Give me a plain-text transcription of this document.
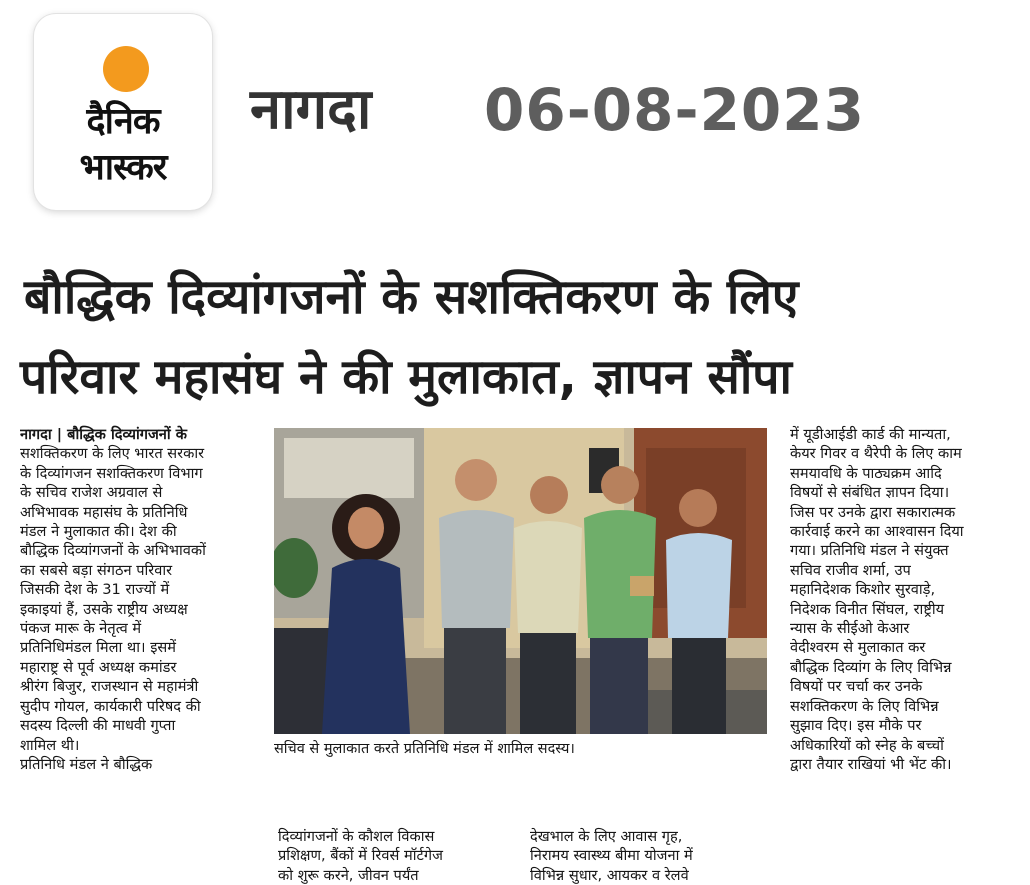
दैनिक
भास्कर
नागदा 06-08-2023
बौद्धिक दिव्यांगजनों के सशक्तिकरण के लिए
परिवार महासंघ ने की मुलाकात, ज्ञापन सौंपा
नागदा | बौद्धिक दिव्यांगजनों के
सशक्तिकरण के लिए भारत सरकार
के दिव्यांगजन सशक्तिकरण विभाग
के सचिव राजेश अग्रवाल से
अभिभावक महासंघ के प्रतिनिधि
मंडल ने मुलाकात की। देश की
बौद्धिक दिव्यांगजनों के अभिभावकों
का सबसे बड़ा संगठन परिवार
जिसकी देश के 31 राज्यों में
इकाइयां हैं, उसके राष्ट्रीय अध्यक्ष
पंकज मारू के नेतृत्व में
प्रतिनिधिमंडल मिला था। इसमें
महाराष्ट्र से पूर्व अध्यक्ष कमांडर
श्रीरंग बिजुर, राजस्थान से महामंत्री
सुदीप गोयल, कार्यकारी परिषद की
सदस्य दिल्ली की माधवी गुप्ता
शामिल थी।
प्रतिनिधि मंडल ने बौद्धिक
सचिव से मुलाकात करते प्रतिनिधि मंडल में शामिल सदस्य।
दिव्यांगजनों के कौशल विकास
प्रशिक्षण, बैंकों में रिवर्स मॉर्टगेज
को शुरू करने, जीवन पर्यंत
देखभाल के लिए आवास गृह,
निरामय स्वास्थ्य बीमा योजना में
विभिन्न सुधार, आयकर व रेलवे
में यूडीआईडी कार्ड की मान्यता,
केयर गिवर व थैरेपी के लिए काम
समयावधि के पाठ्यक्रम आदि
विषयों से संबंधित ज्ञापन दिया।
जिस पर उनके द्वारा सकारात्मक
कार्रवाई करने का आश्वासन दिया
गया। प्रतिनिधि मंडल ने संयुक्त
सचिव राजीव शर्मा, उप
महानिदेशक किशोर सुरवाड़े,
निदेशक विनीत सिंघल, राष्ट्रीय
न्यास के सीईओ केआर
वेदीश्वरम से मुलाकात कर
बौद्धिक दिव्यांग के लिए विभिन्न
विषयों पर चर्चा कर उनके
सशक्तिकरण के लिए विभिन्न
सुझाव दिए। इस मौके पर
अधिकारियों को स्नेह के बच्चों
द्वारा तैयार राखियां भी भेंट की।
